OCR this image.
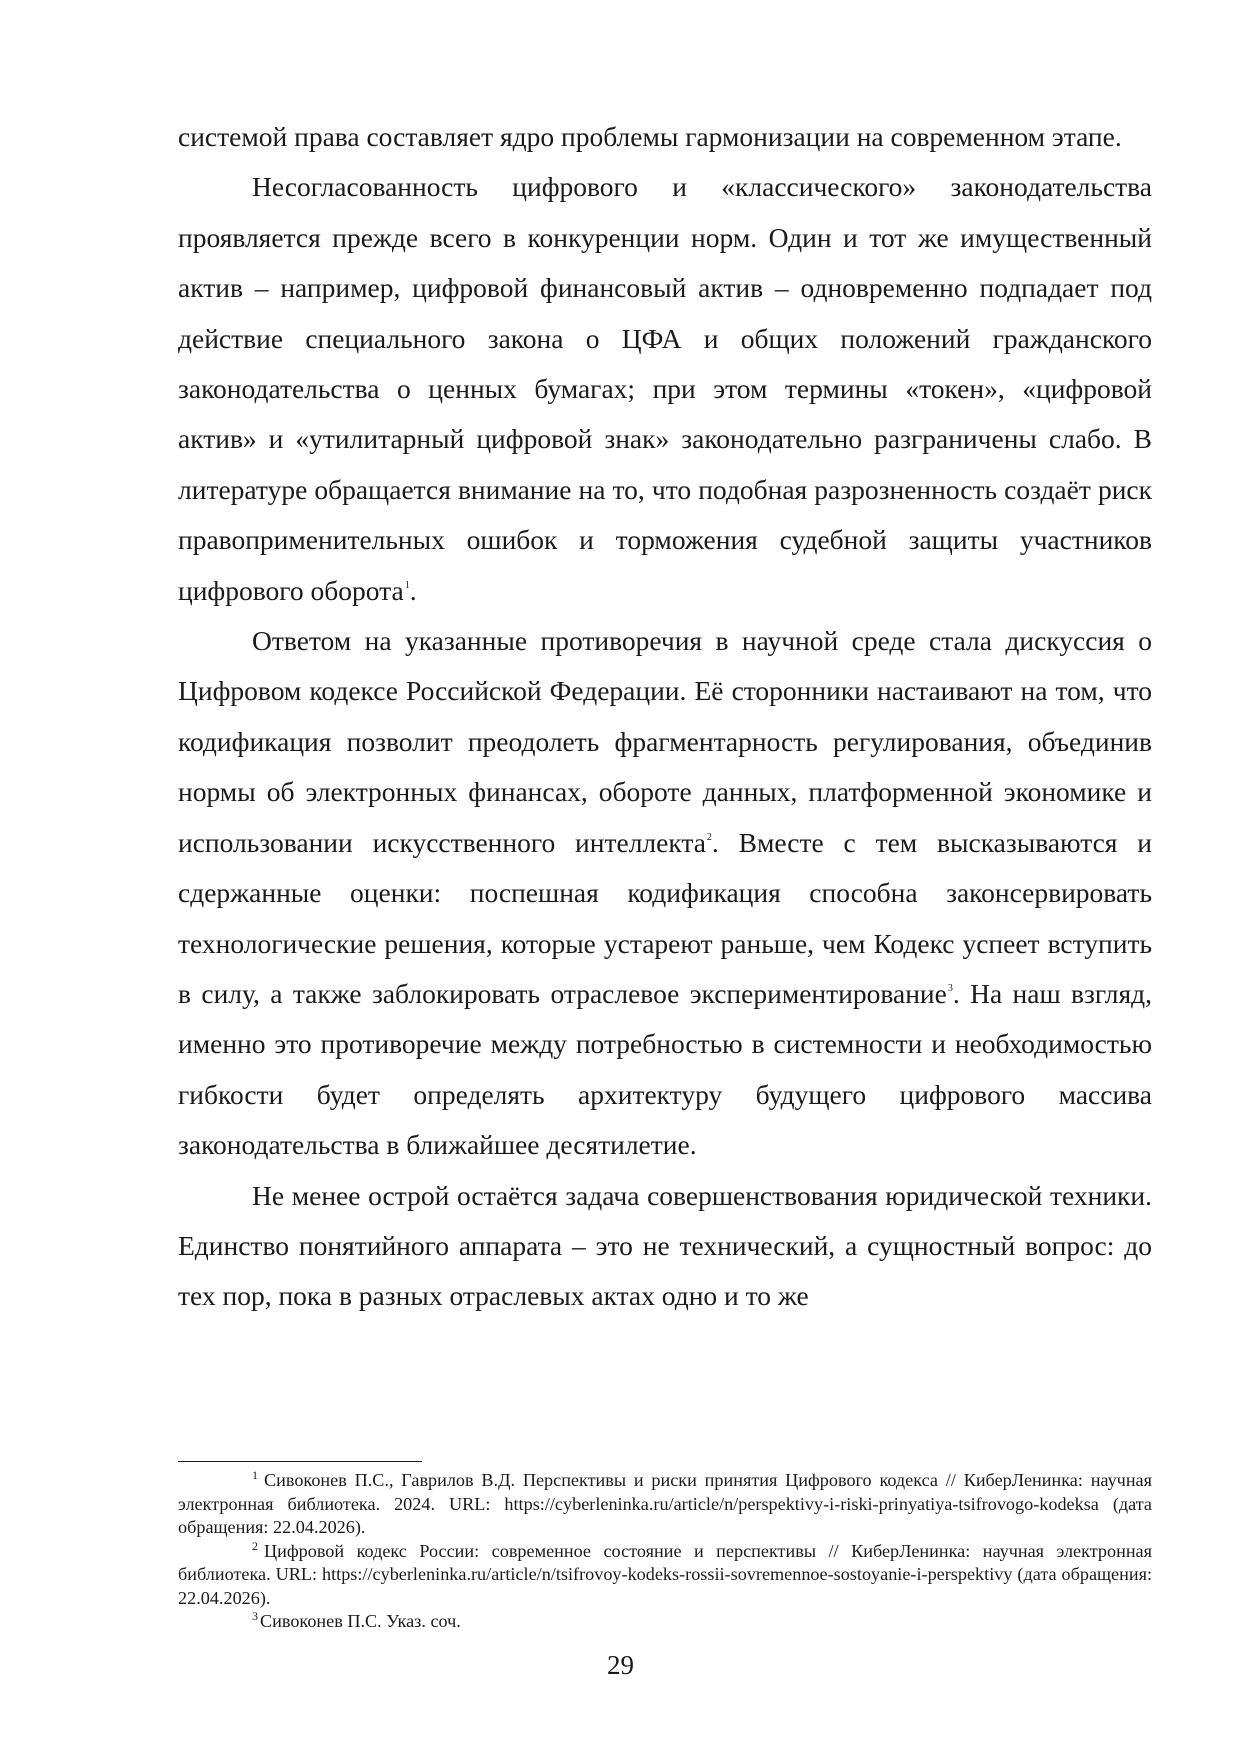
системой права составляет ядро проблемы гармонизации на современном этапе.

Несогласованность цифрового и «классического» законодательства проявляется прежде всего в конкуренции норм. Один и тот же имущественный актив – например, цифровой финансовый актив – одновременно подпадает под действие специального закона о ЦФА и общих положений гражданского законодательства о ценных бумагах; при этом термины «токен», «цифровой актив» и «утилитарный цифровой знак» законодательно разграничены слабо. В литературе обращается внимание на то, что подобная разрозненность создаёт риск правоприменительных ошибок и торможения судебной защиты участников цифрового оборота$^1$.

Ответом на указанные противоречия в научной среде стала дискуссия о Цифровом кодексе Российской Федерации. Её сторонники настаивают на том, что кодификация позволит преодолеть фрагментарность регулирования, объединив нормы об электронных финансах, обороте данных, платформенной экономике и использовании искусственного интеллекта$^2$. Вместе с тем высказываются и сдержанные оценки: поспешная кодификация способна законсервировать технологические решения, которые устареют раньше, чем Кодекс успеет вступить в силу, а также заблокировать отраслевое экспериментирование$^3$. На наш взгляд, именно это противоречие между потребностью в системности и необходимостью гибкости будет определять архитектуру будущего цифрового массива законодательства в ближайшее десятилетие.

Не менее острой остаётся задача совершенствования юридической техники. Единство понятийного аппарата – это не технический, а сущностный вопрос: до тех пор, пока в разных отраслевых актах одно и то же

$^1$ Сивоконев П.С., Гаврилов В.Д. Перспективы и риски принятия Цифрового кодекса // КиберЛенинка: научная электронная библиотека. 2024. URL: https://cyberleninka.ru/article/n/perspektivy-i-riski-prinyatiya-tsifrovogo-kodeksa (дата обращения: 22.04.2026).

$^2$ Цифровой кодекс России: современное состояние и перспективы // КиберЛенинка: научная электронная библиотека. URL: https://cyberleninka.ru/article/n/tsifrovoy-kodeks-rossii-sovremennoe-sostoyanie-i-perspektivy (дата обращения: 22.04.2026).

$^3$ Сивоконев П.С. Указ. соч.

29
